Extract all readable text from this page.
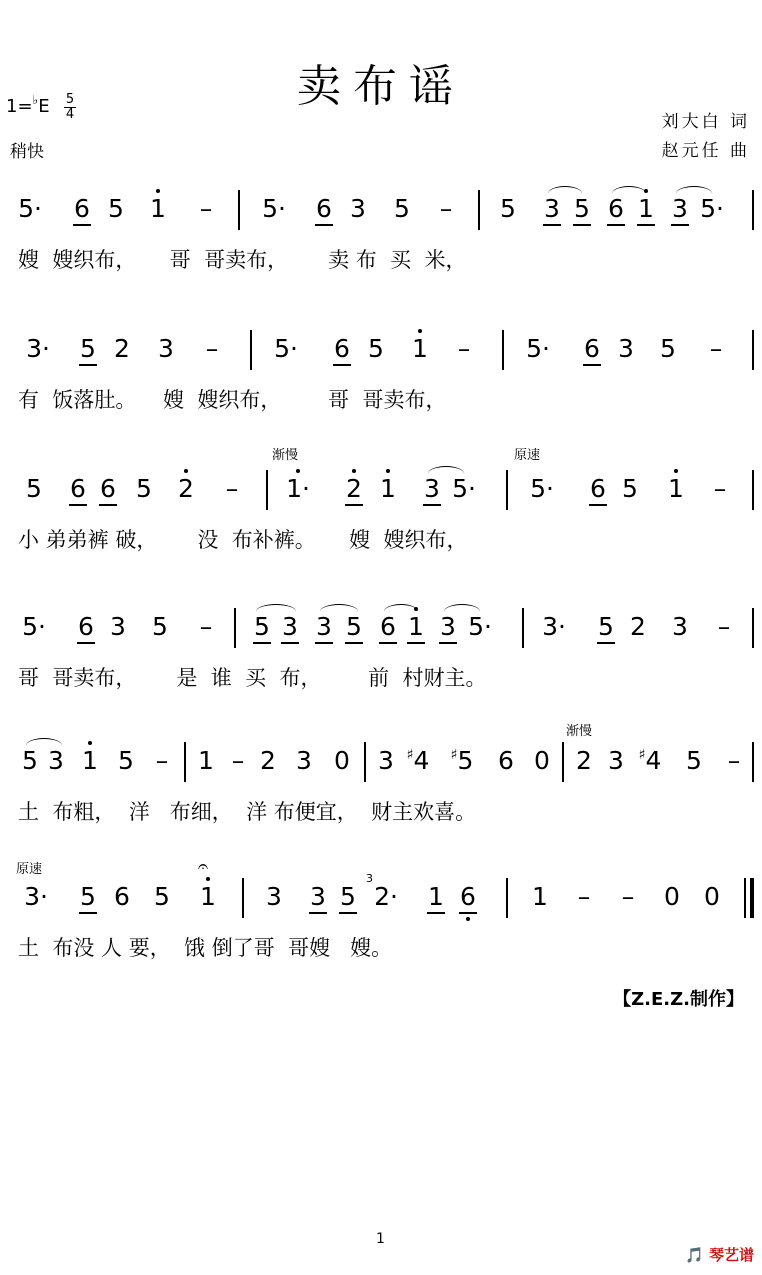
卖布谣
1=♭E 5
4
稍快
刘大白 词
赵元任 曲
5· 6 5 1 – 5· 6 3 5 – 5 3 5 6 1 3 5·
嫂  嫂织布，     哥  哥卖布，      卖 布  买  米，
3· 5 2 3 – 5· 6 5 1 – 5· 6 3 5 –
有  饭落肚。    嫂  嫂织布，       哥  哥卖布，
渐慢	原速
5 6 6 5 2 – 1· 2 1 3 5· 5· 6 5 1 –
小 弟弟裤 破，      没  布补裤。     嫂  嫂织布，
5· 6 3 5 – 5 3 3 5 6 1 3 5· 3· 5 2 3 –
哥  哥卖布，      是  谁  买  布，       前  村财主。
渐慢
5 3 1 5 – 1 – 2 3 0 3 ♯4 ♯5 6 0 2 3 ♯4 5 –
土  布粗，  洋   布细，  洋 布便宜，  财主欢喜。
原速	𝄐
3· 5 6 5 1 3 3 5
3
2· 1 6 1 – – 0 0
土  布没 人 要，  饿 倒了哥  哥嫂   嫂。
【Z.E.Z.制作】
1
🎵 琴艺谱
